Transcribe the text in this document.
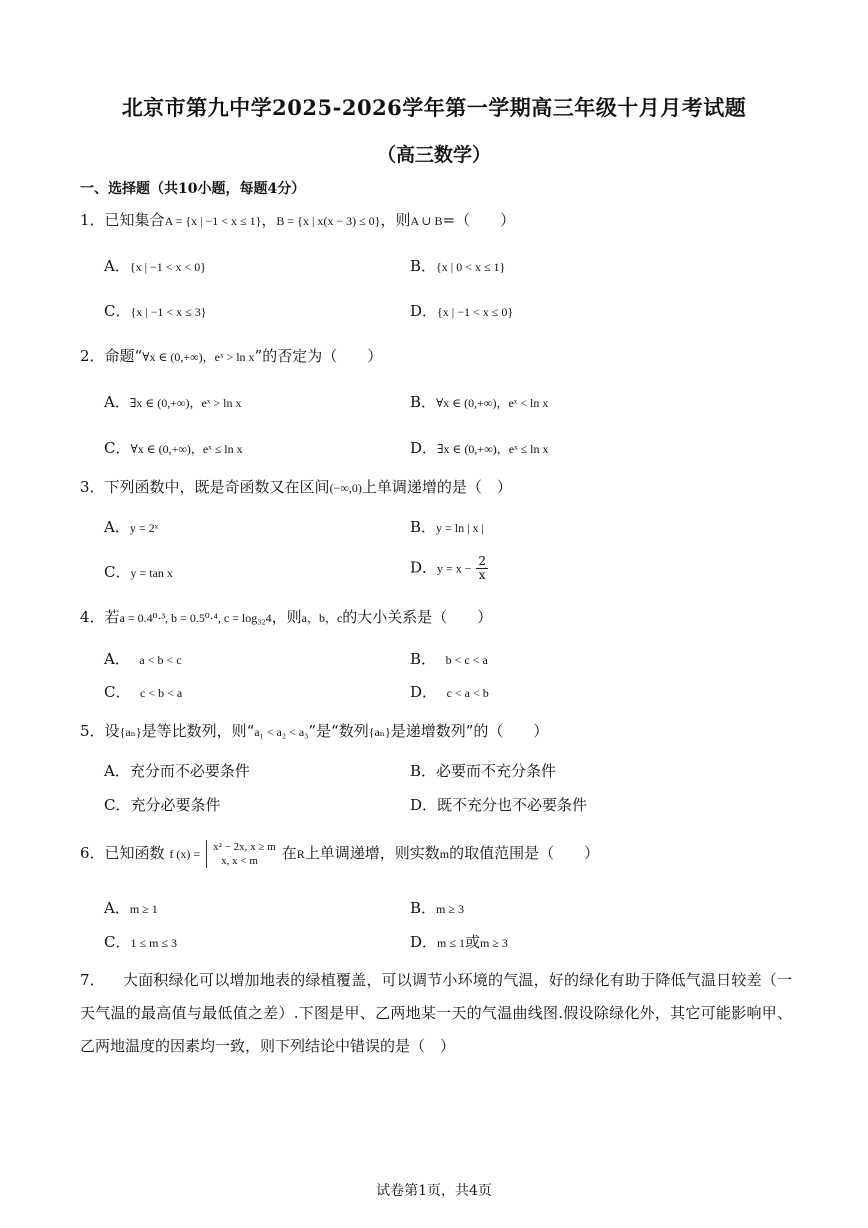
北京市第九中学2025-2026学年第一学期高三年级十月月考试题
（高三数学）
一、选择题（共10小题，每题4分）
1．已知集合A = {x | −1 < x ≤ 1}，B = {x | x(x − 3) ≤ 0}，则A ∪ B=（　　）
A．{x | −1 < x < 0}	B．{x | 0 < x ≤ 1}
C．{x | −1 < x ≤ 3}	D．{x | −1 < x ≤ 0}
2．命题“∀x ∈ (0,+∞)，eˣ > ln x”的否定为（　　）
A．∃x ∈ (0,+∞)，eˣ > ln x	B．∀x ∈ (0,+∞)，eˣ < ln x
C．∀x ∈ (0,+∞)，eˣ ≤ ln x	D．∃x ∈ (0,+∞)，eˣ ≤ ln x
3．下列函数中，既是奇函数又在区间(−∞,0)上单调递增的是（　）
A．y = 2ˣ	B．y = ln | x |
C．y = tan x	D．$y = x - \frac{2}{x}$
4．若a = 0.4⁰·³, b = 0.5⁰·⁴, c = log₃₂4，则a，b，c的大小关系是（　　）
A． a < b < c	B． b < c < a
C． c < b < a	D． c < a < b
5．设{aₙ}是等比数列，则“a₁ < a₂ < a₃”是“数列{aₙ}是递增数列”的（　　）
A．充分而不必要条件	B．必要而不充分条件
C．充分必要条件	D．既不充分也不必要条件
6．已知函数 f (x) = x² − 2x, x ≥ m
x, x < m	在R上单调递增，则实数m的取值范围是（　　）
A．m ≥ 1	B．m ≥ 3
C．1 ≤ m ≤ 3	D．m ≤ 1或m ≥ 3
7． 大面积绿化可以增加地表的绿植覆盖，可以调节小环境的气温，好的绿化有助于降低气温日较差（一天气温的最高值与最低值之差）.下图是甲、乙两地某一天的气温曲线图.假设除绿化外，其它可能影响甲、乙两地温度的因素均一致，则下列结论中错误的是（　）
试卷第1页，共4页
